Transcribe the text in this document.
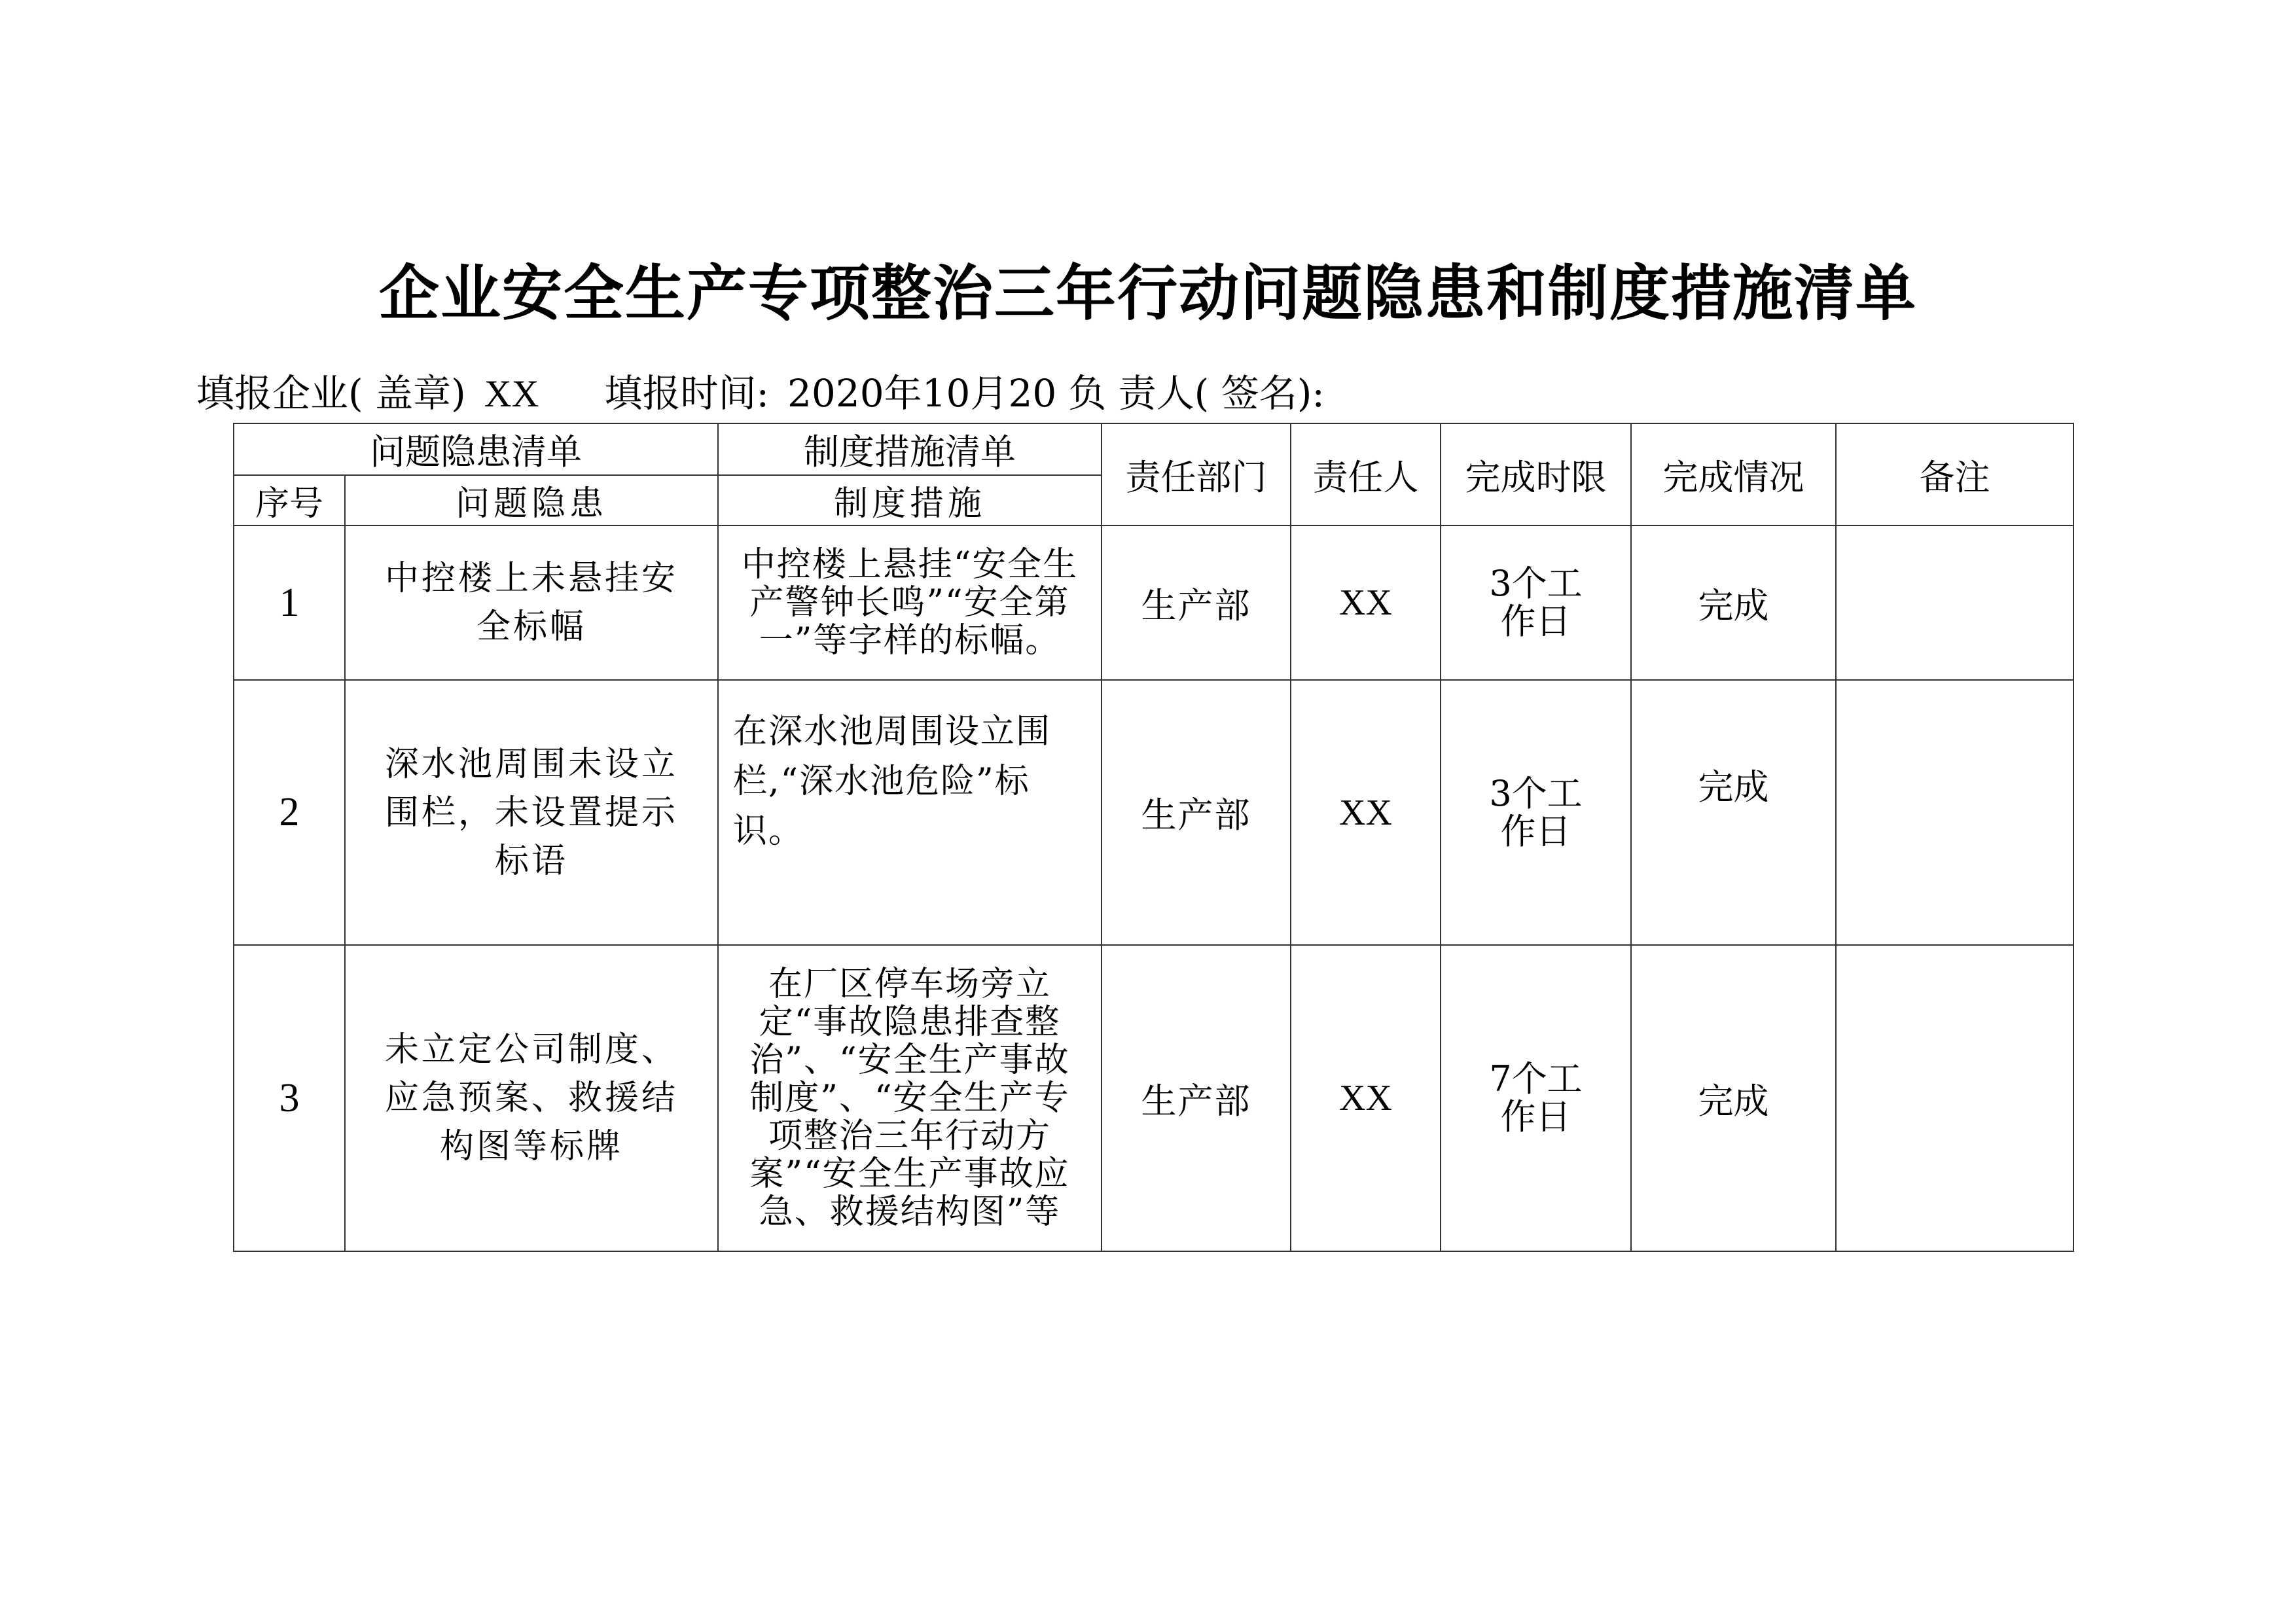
企业安全生产专项整治三年行动问题隐患和制度措施清单
填报企业( 盖章) XX 填报时间: 2020年10月20 负 责人( 签名):
问题隐患清单		制度措施清单	责任部门	责任人	完成时限	完成情况	备注
序号	问题隐患	制度措施					
1	中控楼上未悬挂安全标幅	中控楼上悬挂“安全生产警钟长鸣”“安全第一”等字样的标幅。	生产部	XX	3个工作日	完成	
2	深水池周围未设立围栏，未设置提示标语	在深水池周围设立围栏,“深水池危险”标识。	生产部	XX	3个工作日	完成	
3	未立定公司制度、应急预案、救援结构图等标牌	在厂区停车场旁立定“事故隐患排查整治”、“安全生产事故制度”、“安全生产专项整治三年行动方案”“安全生产事故应急、救援结构图”等	生产部	XX	7个工作日	完成	
